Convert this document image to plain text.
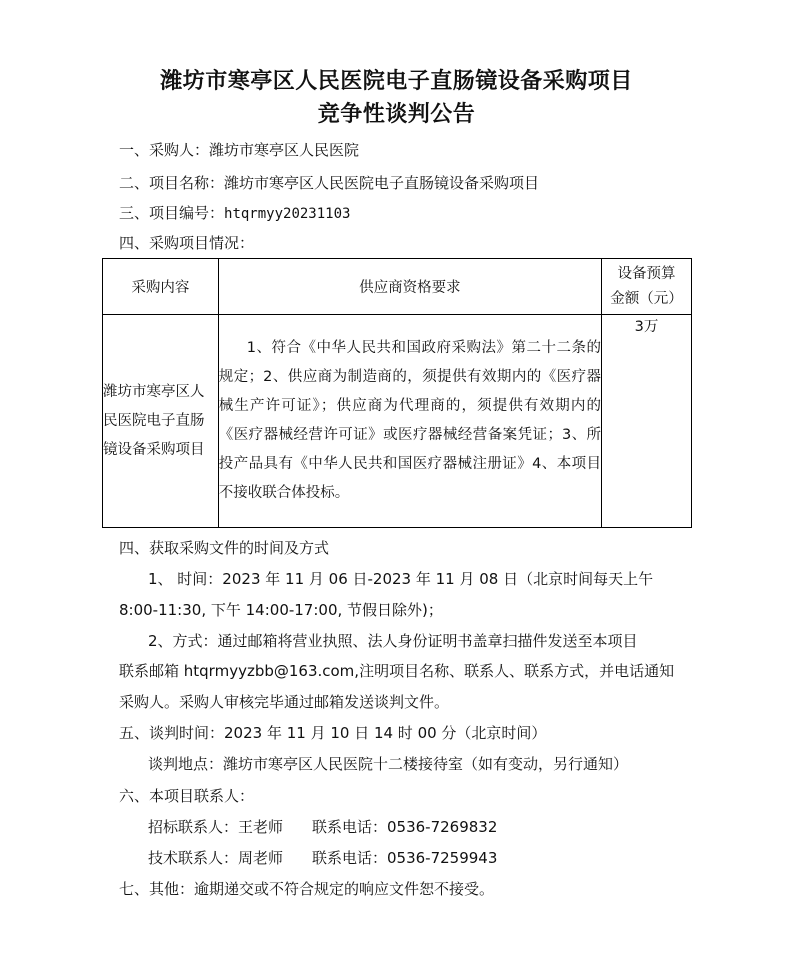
潍坊市寒亭区人民医院电子直肠镜设备采购项目
竞争性谈判公告
一、采购人：潍坊市寒亭区人民医院
二、项目名称：潍坊市寒亭区人民医院电子直肠镜设备采购项目
三、项目编号：htqrmyy20231103
四、采购项目情况：
采购内容	供应商资格要求	设备预算
金额（元）

潍坊市寒亭区人民医院电子直肠镜设备采购项目	1、符合《中华人民共和国政府采购法》第二十二条的规定；2、供应商为制造商的，须提供有效期内的《医疗器械生产许可证》；供应商为代理商的，须提供有效期内的《医疗器械经营许可证》或医疗器械经营备案凭证；3、所投产品具有《中华人民共和国医疗器械注册证》4、本项目不接收联合体投标。	3万
四、获取采购文件的时间及方式
1、 时间：2023 年 11 月 06 日-2023 年 11 月 08 日（北京时间每天上午
8:00-11:30, 下午 14:00-17:00, 节假日除外)；
2、方式：通过邮箱将营业执照、法人身份证明书盖章扫描件发送至本项目
联系邮箱 htqrmyyzbb@163.com,注明项目名称、联系人、联系方式，并电话通知
采购人。采购人审核完毕通过邮箱发送谈判文件。
五、谈判时间：2023 年 11 月 10 日 14 时 00 分（北京时间）
谈判地点：潍坊市寒亭区人民医院十二楼接待室（如有变动，另行通知）
六、本项目联系人：
招标联系人：王老师 联系电话：0536-7269832
技术联系人：周老师 联系电话：0536-7259943
七、其他：逾期递交或不符合规定的响应文件恕不接受。
